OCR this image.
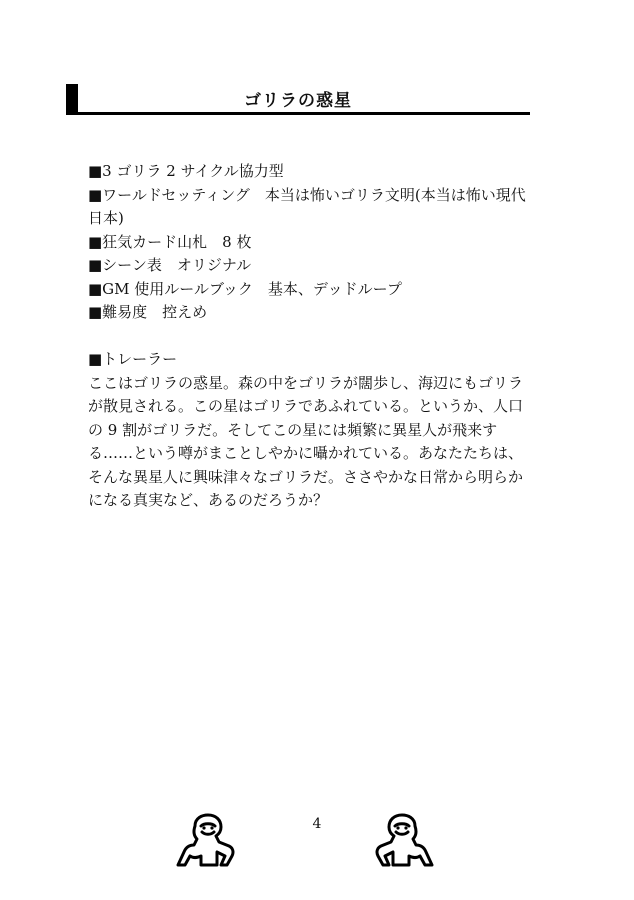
ゴリラの惑星

■3 ゴリラ 2 サイクル協力型

■ワールドセッティング　本当は怖いゴリラ文明(本当は怖い現代日本)

■狂気カード山札　8 枚

■シーン表　オリジナル

■GM 使用ルールブック　基本、デッドループ

■難易度　控えめ

■トレーラー

ここはゴリラの惑星。森の中をゴリラが闊歩し、海辺にもゴリラが散見される。この星はゴリラであふれている。というか、人口の 9 割がゴリラだ。そしてこの星には頻繁に異星人が飛来する……という噂がまことしやかに囁かれている。あなたたちは、そんな異星人に興味津々なゴリラだ。ささやかな日常から明らかになる真実など、あるのだろうか？

4
